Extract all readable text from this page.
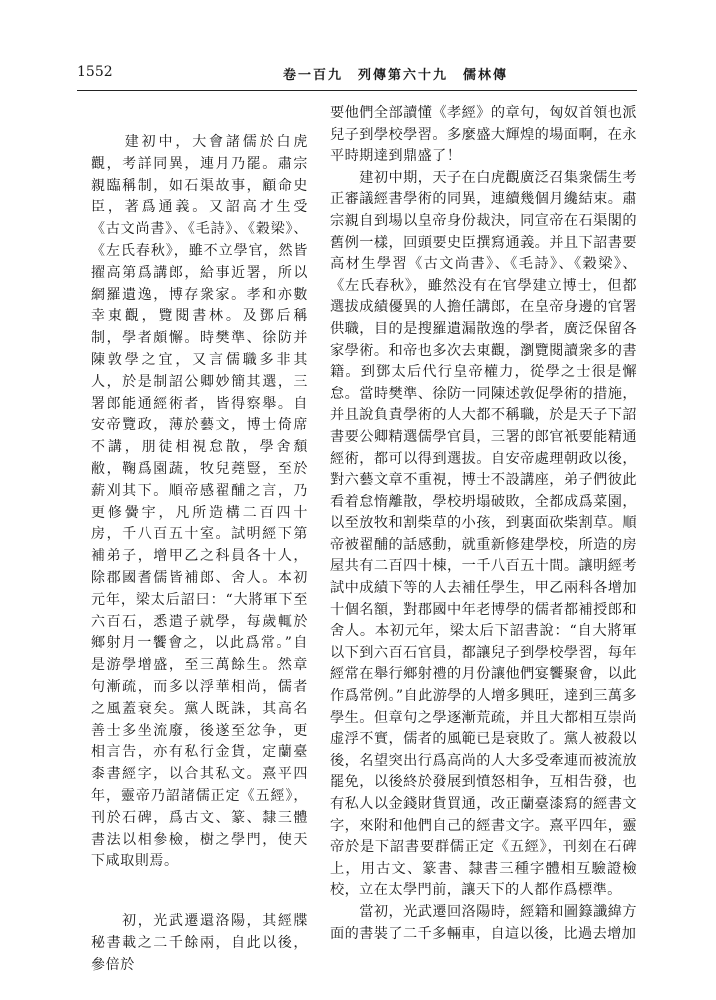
1552	卷一百九　列傳第六十九　儒林傳

　　建初中，大會諸儒於白虎觀，考詳同異，連月乃罷。肅宗親臨稱制，如石渠故事，顧命史臣，著爲通義。又詔高才生受《古文尚書》、《毛詩》、《穀梁》、《左氏春秋》，雖不立學官，然皆擢高第爲講郎，給事近署，所以網羅遺逸，博存衆家。孝和亦數幸東觀，覽閱書林。及鄧后稱制，學者頗懈。時樊準、徐防并陳敦學之宜，又言儒職多非其人，於是制詔公卿妙簡其選，三署郎能通經術者，皆得察舉。自安帝覽政，薄於藝文，博士倚席不講，朋徒相視怠散，學舍頹敝，鞠爲園蔬，牧兒蕘豎，至於薪刈其下。順帝感翟酺之言，乃更修黌宇，凡所造構二百四十房，千八百五十室。試明經下第補弟子，增甲乙之科員各十人，除郡國耆儒皆補郎、舍人。本初元年，梁太后詔曰：“大將軍下至六百石，悉遣子就學，每歲輒於鄉射月一饗會之，以此爲常。”自是游學增盛，至三萬餘生。然章句漸疏，而多以浮華相尚，儒者之風蓋衰矣。黨人既誅，其高名善士多坐流廢，後遂至忿争，更相言告，亦有私行金貨，定蘭臺桼書經字，以合其私文。熹平四年，靈帝乃詔諸儒正定《五經》，刊於石碑，爲古文、篆、隸三體書法以相參檢，樹之學門，使天下咸取則焉。

　　初，光武遷還洛陽，其經牒秘書載之二千餘兩，自此以後，參倍於

要他們全部讀懂《孝經》的章句，匈奴首領也派兒子到學校學習。多麼盛大輝煌的場面啊，在永平時期達到鼎盛了！

　　建初中期，天子在白虎觀廣泛召集衆儒生考正審議經書學術的同異，連續幾個月纔結束。肅宗親自到場以皇帝身份裁決，同宣帝在石渠閣的舊例一樣，回頭要史臣撰寫通義。并且下詔書要高材生學習《古文尚書》、《毛詩》、《穀梁》、《左氏春秋》，雖然没有在官學建立博士，但都選拔成績優異的人擔任講郎，在皇帝身邊的官署供職，目的是搜羅遺漏散逸的學者，廣泛保留各家學術。和帝也多次去東觀，瀏覽閱讀衆多的書籍。到鄧太后代行皇帝權力，從學之士很是懈怠。當時樊準、徐防一同陳述敦促學術的措施，并且說負責學術的人大都不稱職，於是天子下詔書要公卿精選儒學官員，三署的郎官衹要能精通經術，都可以得到選拔。自安帝處理朝政以後，對六藝文章不重視，博士不設講座，弟子們彼此看着怠惰離散，學校坍塌破敗，全都成爲菜園，以至放牧和割柴草的小孩，到裏面砍柴割草。順帝被翟酺的話感動，就重新修建學校，所造的房屋共有二百四十棟，一千八百五十間。讓明經考試中成績下等的人去補任學生，甲乙兩科各增加十個名額，對郡國中年老博學的儒者都補授郎和舍人。本初元年，梁太后下詔書說：“自大將軍以下到六百石官員，都讓兒子到學校學習，每年經常在舉行鄉射禮的月份讓他們宴饗聚會，以此作爲常例。”自此游學的人增多興旺，達到三萬多學生。但章句之學逐漸荒疏，并且大都相互崇尚虚浮不實，儒者的風範已是衰敗了。黨人被殺以後，名望突出行爲高尚的人大多受牽連而被流放罷免，以後終於發展到憤怒相争，互相告發，也有私人以金錢財貨買通，改正蘭臺漆寫的經書文字，來附和他們自己的經書文字。熹平四年，靈帝於是下詔書要群儒正定《五經》，刊刻在石碑上，用古文、篆書、隸書三種字體相互驗證檢校，立在太學門前，讓天下的人都作爲標準。

　　當初，光武遷回洛陽時，經籍和圖籙讖緯方面的書裝了二千多輛車，自這以後，比過去增加
